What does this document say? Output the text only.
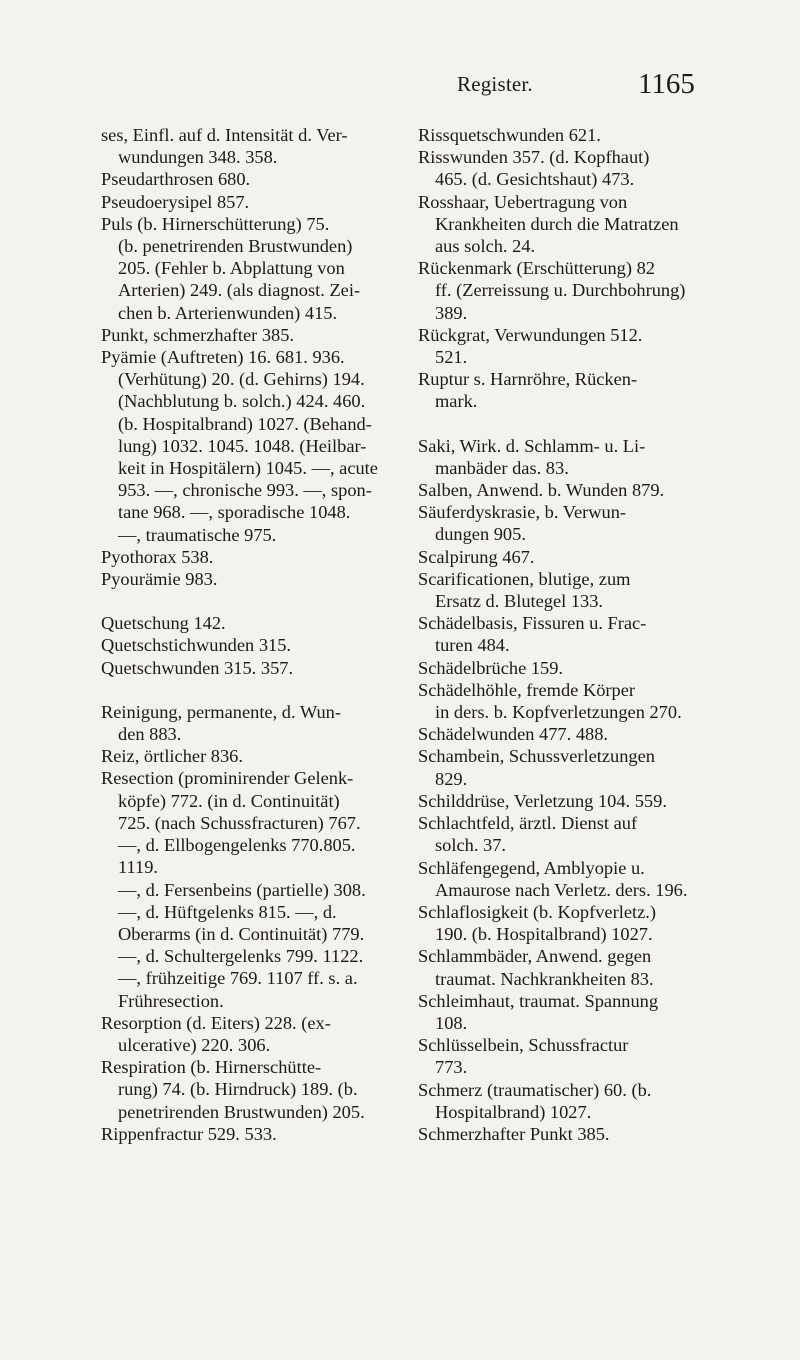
Register.	1165
ses, Einfl. auf d. Intensität d. Ver-
wundungen 348. 358.
Pseudarthrosen 680.
Pseudoerysipel 857.
Puls (b. Hirnerschütterung) 75.
(b. penetrirenden Brustwunden)
205. (Fehler b. Abplattung von
Arterien) 249. (als diagnost. Zei-
chen b. Arterienwunden) 415.
Punkt, schmerzhafter 385.
Pyämie (Auftreten) 16. 681. 936.
(Verhütung) 20. (d. Gehirns) 194.
(Nachblutung b. solch.) 424. 460.
(b. Hospitalbrand) 1027. (Behand-
lung) 1032. 1045. 1048. (Heilbar-
keit in Hospitälern) 1045. —, acute
953. —, chronische 993. —, spon-
tane 968. —, sporadische 1048.
—, traumatische 975.
Pyothorax 538.
Pyourämie 983.
Quetschung 142.
Quetschstichwunden 315.
Quetschwunden 315. 357.
Reinigung, permanente, d. Wun-
den 883.
Reiz, örtlicher 836.
Resection (prominirender Gelenk-
köpfe) 772. (in d. Continuität)
725. (nach Schussfracturen) 767.
—, d. Ellbogengelenks 770.805. 1119.
—, d. Fersenbeins (partielle) 308.
—, d. Hüftgelenks 815. —, d.
Oberarms (in d. Continuität) 779.
—, d. Schultergelenks 799. 1122.
—, frühzeitige 769. 1107 ff. s. a.
Frühresection.
Resorption (d. Eiters) 228. (ex-
ulcerative) 220. 306.
Respiration (b. Hirnerschütte-
rung) 74. (b. Hirndruck) 189. (b.
penetrirenden Brustwunden) 205.
Rippenfractur 529. 533.
Rissquetschwunden 621.
Risswunden 357. (d. Kopfhaut)
465. (d. Gesichtshaut) 473.
Rosshaar, Uebertragung von
Krankheiten durch die Matratzen
aus solch. 24.
Rückenmark (Erschütterung) 82
ff. (Zerreissung u. Durchbohrung)
389.
Rückgrat, Verwundungen 512.
521.
Ruptur s. Harnröhre, Rücken-
mark.
Saki, Wirk. d. Schlamm- u. Li-
manbäder das. 83.
Salben, Anwend. b. Wunden 879.
Säuferdyskrasie, b. Verwun-
dungen 905.
Scalpirung 467.
Scarificationen, blutige, zum
Ersatz d. Blutegel 133.
Schädelbasis, Fissuren u. Frac-
turen 484.
Schädelbrüche 159.
Schädelhöhle, fremde Körper
in ders. b. Kopfverletzungen 270.
Schädelwunden 477. 488.
Schambein, Schussverletzungen
829.
Schilddrüse, Verletzung 104. 559.
Schlachtfeld, ärztl. Dienst auf
solch. 37.
Schläfengegend, Amblyopie u.
Amaurose nach Verletz. ders. 196.
Schlaflosigkeit (b. Kopfverletz.)
190. (b. Hospitalbrand) 1027.
Schlammbäder, Anwend. gegen
traumat. Nachkrankheiten 83.
Schleimhaut, traumat. Spannung
108.
Schlüsselbein, Schussfractur
773.
Schmerz (traumatischer) 60. (b.
Hospitalbrand) 1027.
Schmerzhafter Punkt 385.
